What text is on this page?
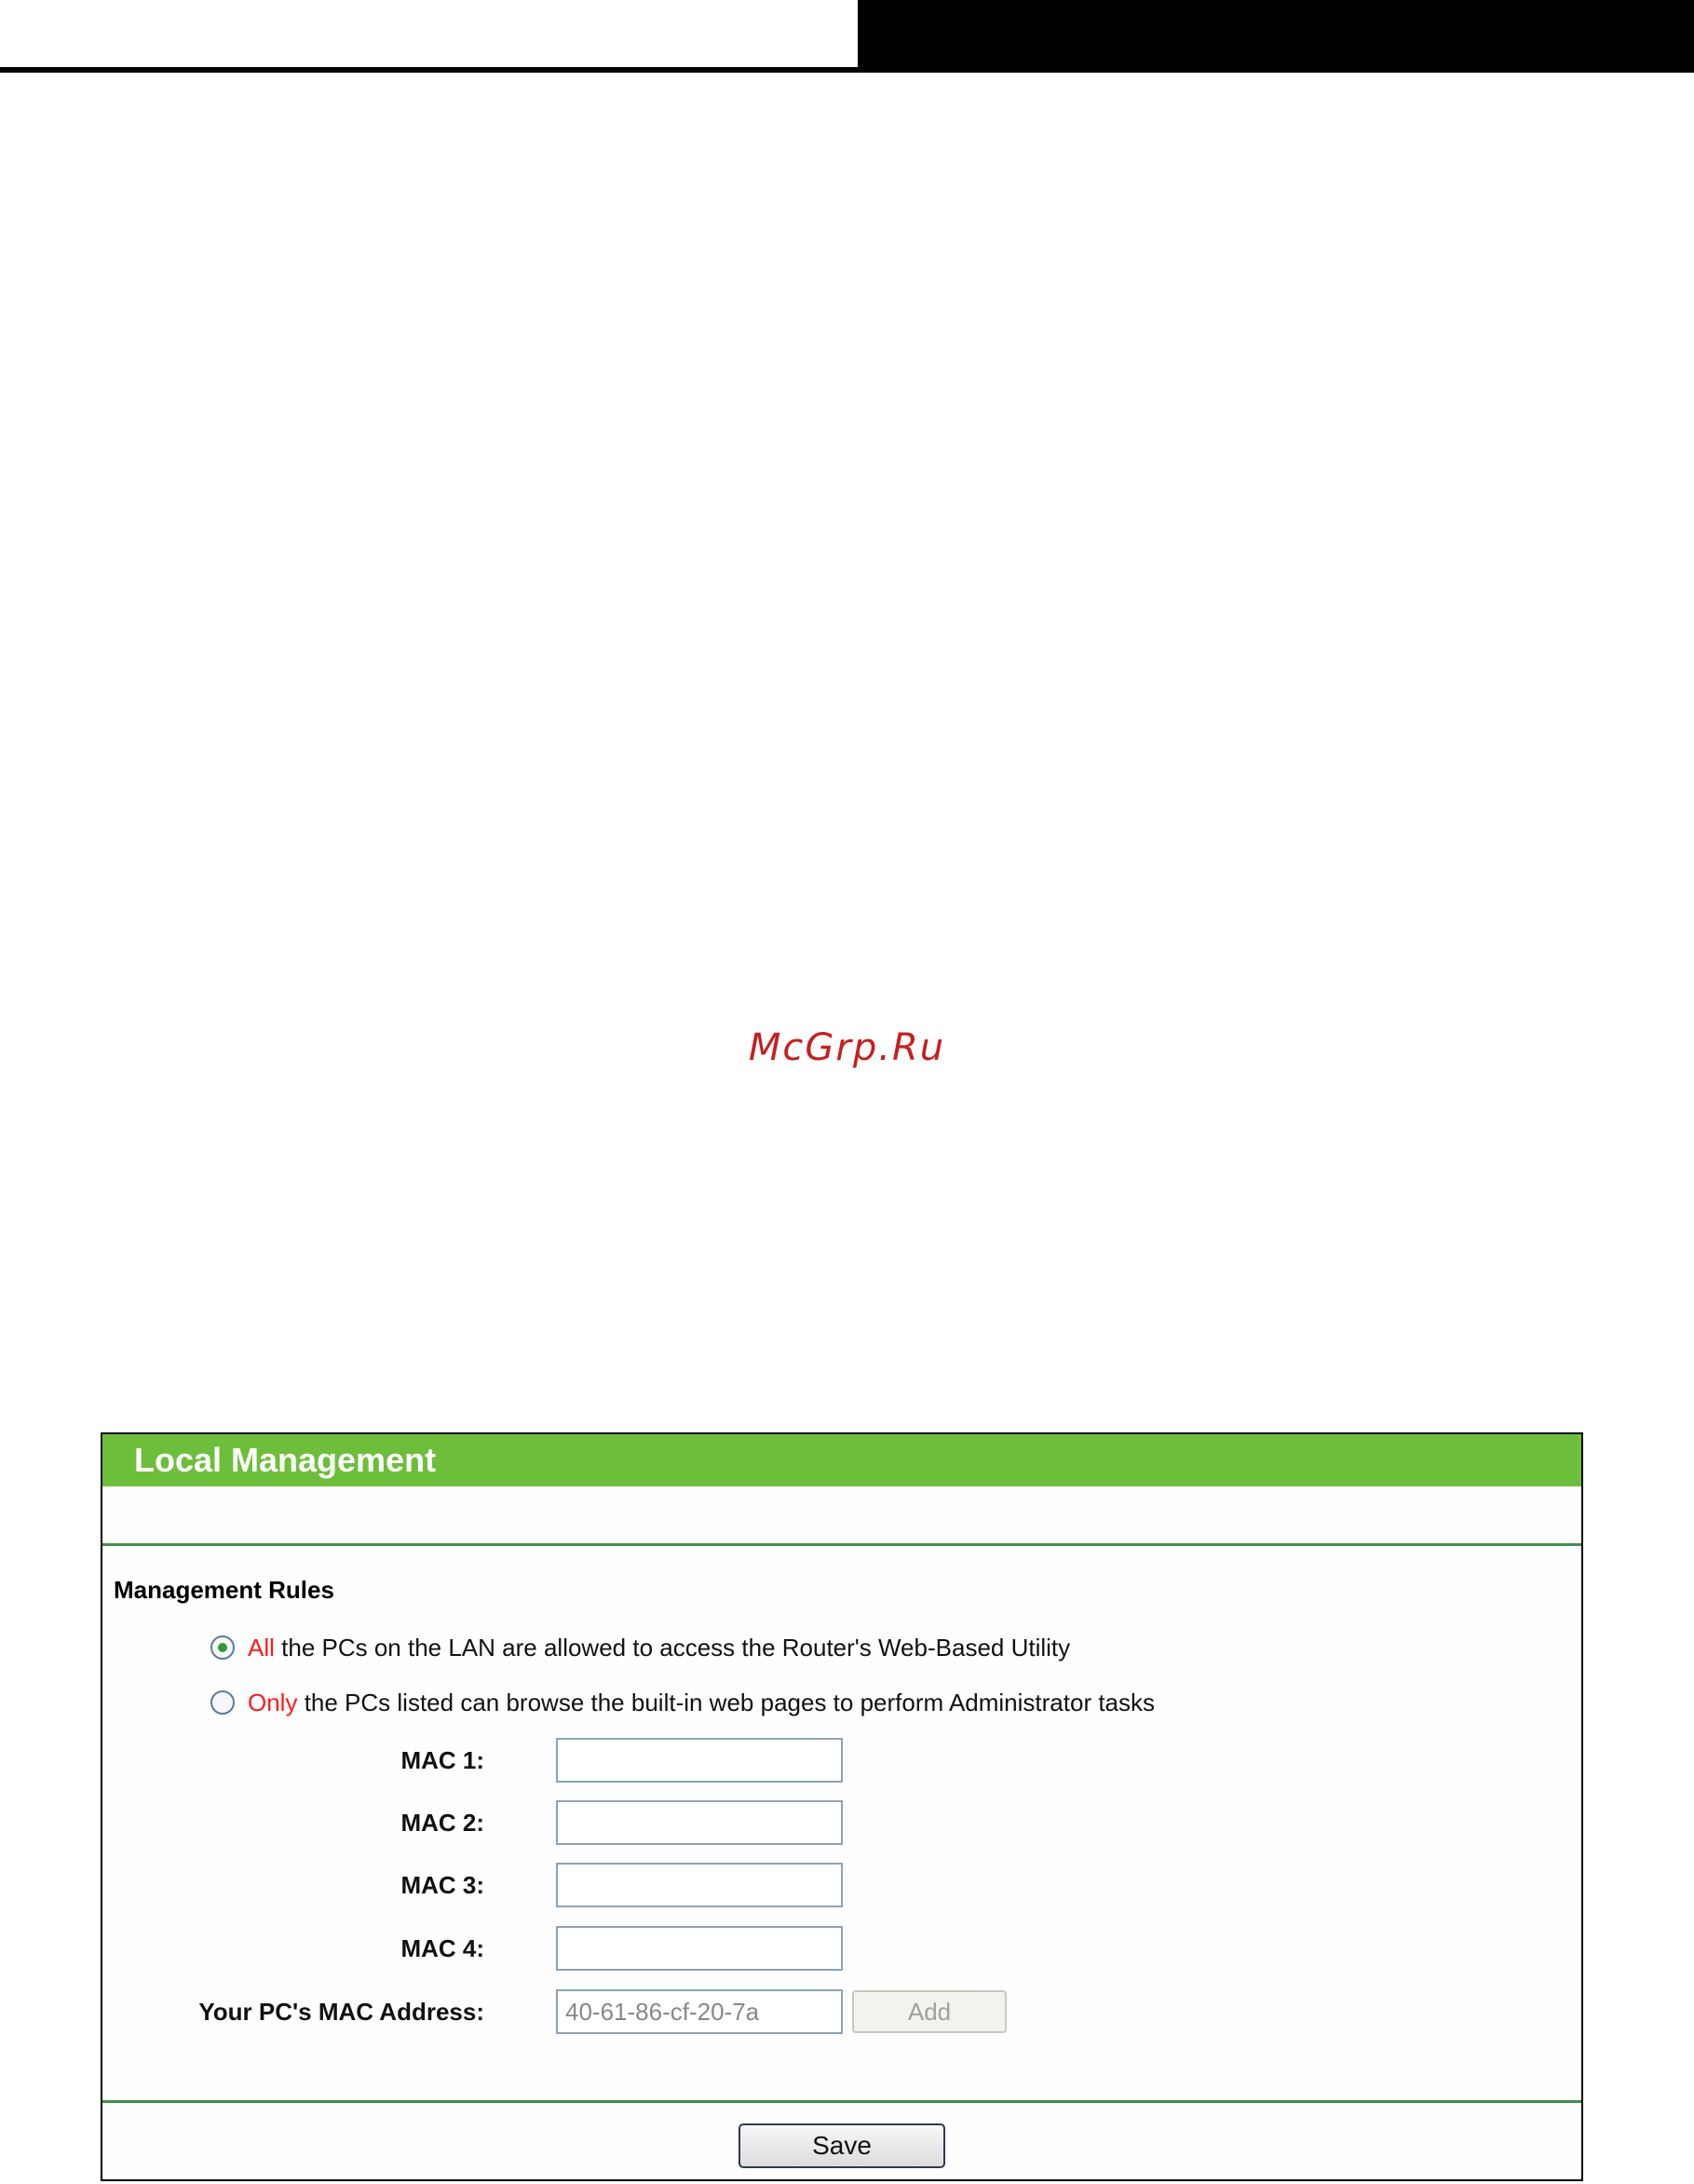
McGrp.Ru
Local Management
Management Rules
All the PCs on the LAN are allowed to access the Router's Web-Based Utility
Only the PCs listed can browse the built-in web pages to perform Administrator tasks
MAC 1:
MAC 2:
MAC 3:
MAC 4:
Your PC's MAC Address:
40-61-86-cf-20-7a	Add
Save
